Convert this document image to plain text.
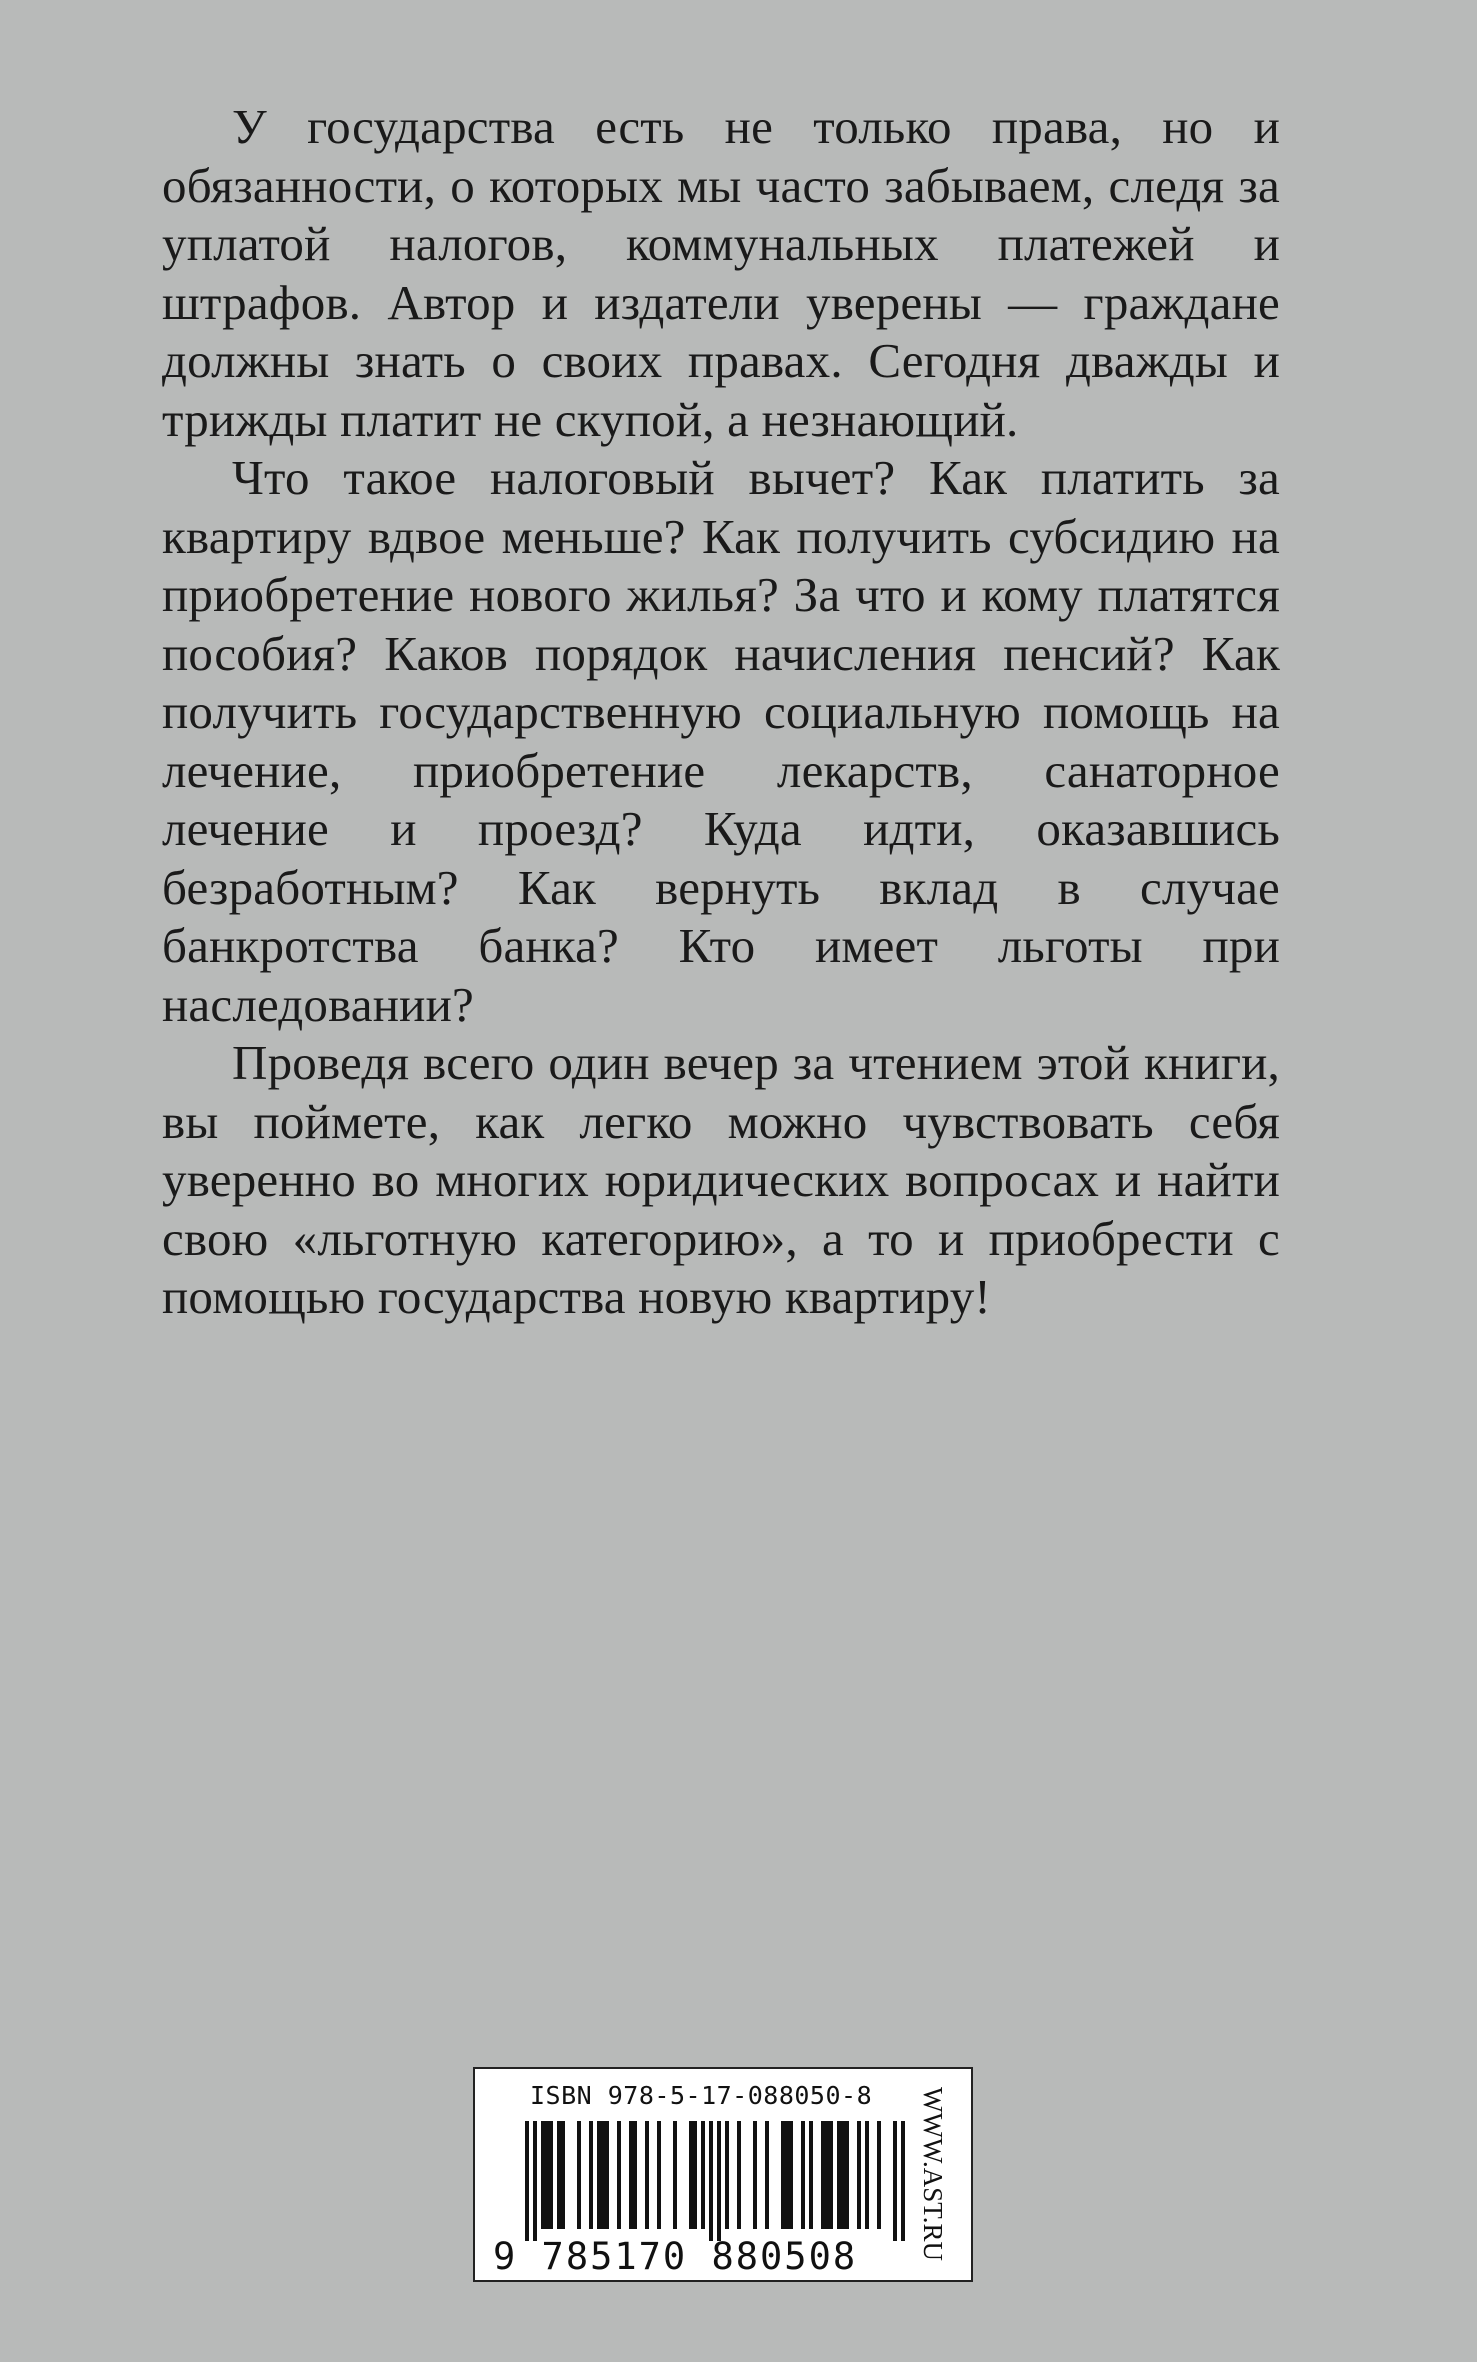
У государства есть не только права, но и обязанности, о которых мы часто забываем, следя за уплатой налогов, коммунальных платежей и штрафов. Автор и издатели уверены — граждане должны знать о своих правах. Сегодня дважды и трижды платит не скупой, а незнающий.

Что такое налоговый вычет? Как платить за квартиру вдвое меньше? Как получить субсидию на приобретение нового жилья? За что и кому платятся пособия? Каков порядок начисления пенсий? Как получить государственную социальную помощь на лечение, приобретение лекарств, санаторное лечение и проезд? Куда идти, оказавшись безработным? Как вернуть вклад в случае банкротства банка? Кто имеет льготы при наследовании?

Проведя всего один вечер за чтением этой книги, вы поймете, как легко можно чувствовать себя уверенно во многих юридических вопросах и найти свою «льготную категорию», а то и приобрести с помощью государства новую квартиру!

ISBN 978-5-17-088050-8
9 785170 880508 WWW.AST.RU
